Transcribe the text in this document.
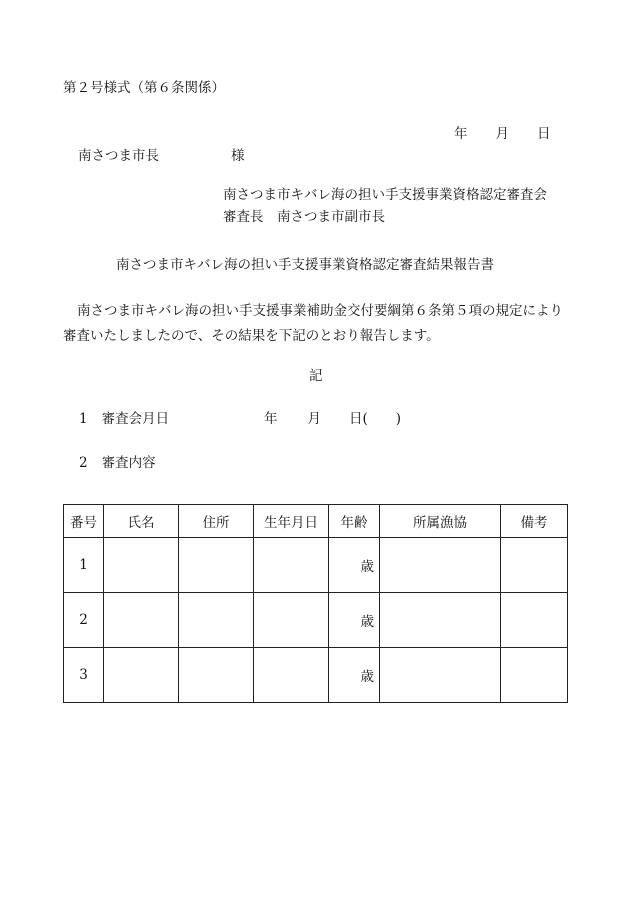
第２号様式（第６条関係）
年 月 日
南さつま市長	様
南さつま市キバレ海の担い手支援事業資格認定審査会
審査長　南さつま市副市長
南さつま市キバレ海の担い手支援事業資格認定審査結果報告書
南さつま市キバレ海の担い手支援事業補助金交付要綱第６条第５項の規定により審査いたしましたので、その結果を下記のとおり報告します。
記
1 審査会月日	年 月 日( )
2 審査内容
番号	氏名	住所	生年月日	年齢	所属漁協	備考
1				歳		
2				歳		
3				歳		
